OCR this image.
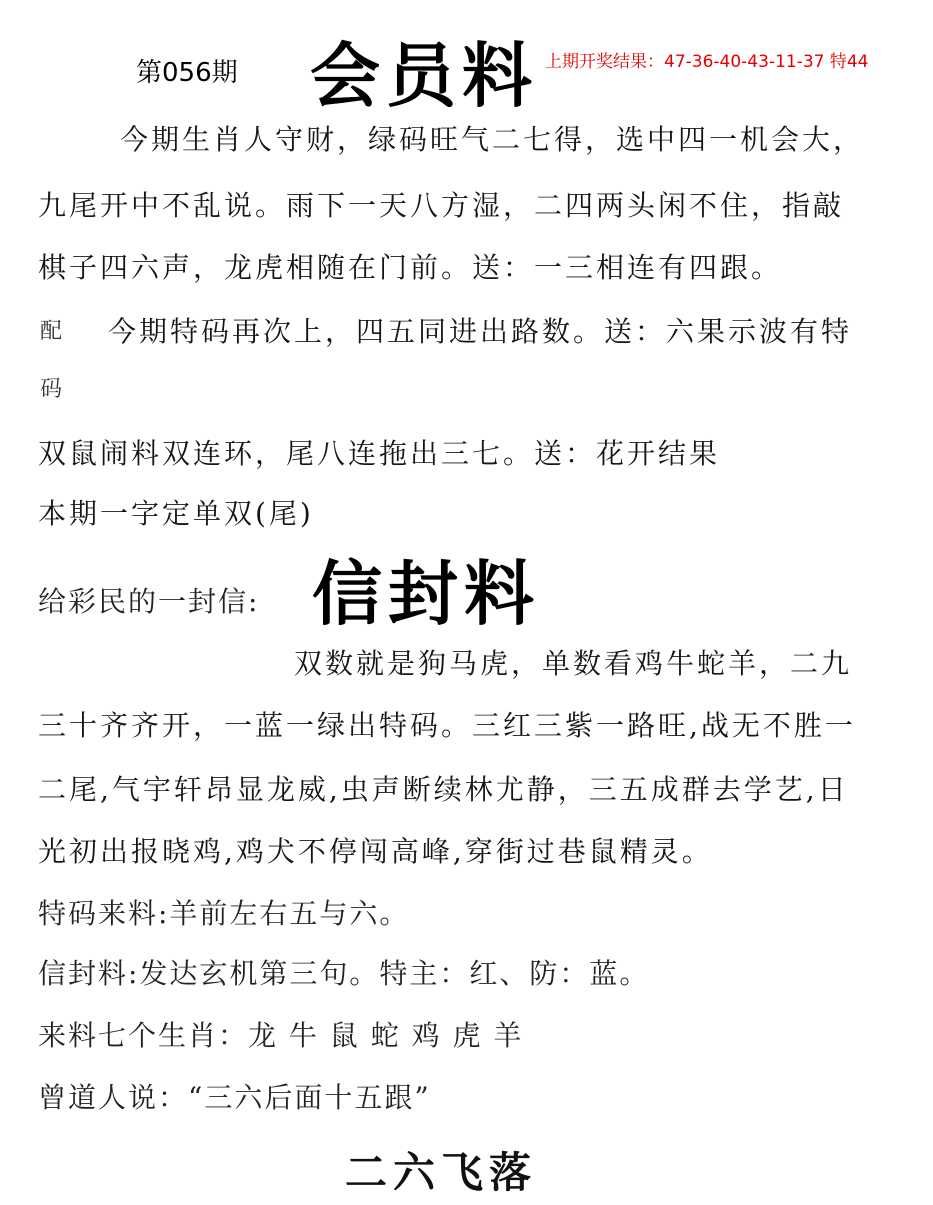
第056期 会员料 上期开奖结果：47-36-40-43-11-37 特44
今期生肖人守财，绿码旺气二七得，选中四一机会大，
九尾开中不乱说。雨下一天八方湿，二四两头闲不住，指敲
棋子四六声，龙虎相随在门前。送：一三相连有四跟。
配 今期特码再次上，四五同进出路数。送：六果示波有特
码
双鼠闹料双连环，尾八连拖出三七。送：花开结果
本期一字定单双(尾)
给彩民的一封信: 信封料
双数就是狗马虎，单数看鸡牛蛇羊，二九
三十齐齐开，一蓝一绿出特码。三红三紫一路旺,战无不胜一
二尾,气宇轩昂显龙威,虫声断续林尤静，三五成群去学艺,日
光初出报晓鸡,鸡犬不停闯高峰,穿街过巷鼠精灵。
特码来料:羊前左右五与六。
信封料:发达玄机第三句。特主：红、防：蓝。
来料七个生肖：龙 牛 鼠 蛇 鸡 虎 羊
曾道人说：“三六后面十五跟”
二六飞落
